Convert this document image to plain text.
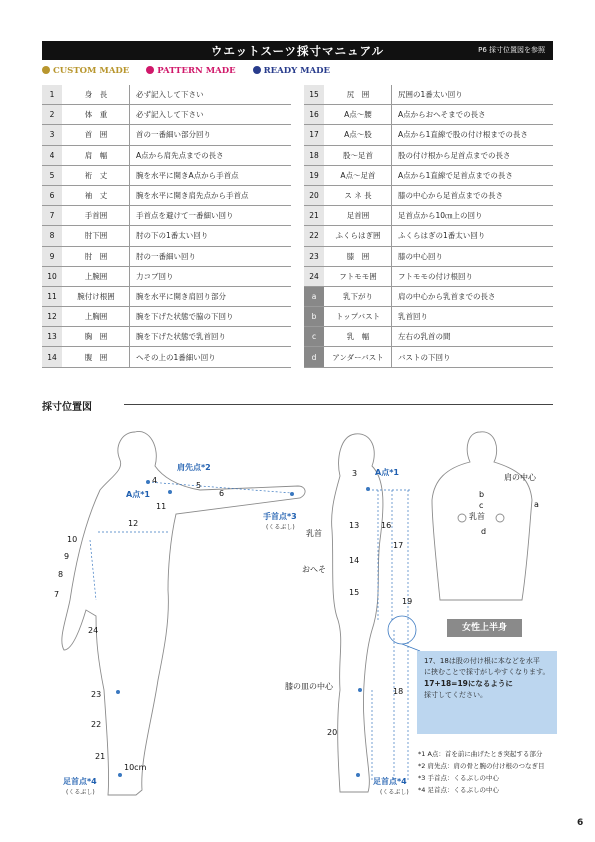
ウエットスーツ採寸マニュアル	P6 採寸位置図を参照
CUSTOM MADE	PATTERN MADE	READY MADE
1	身　長	必ず記入して下さい
2	体　重	必ず記入して下さい
3	首　囲	首の一番細い部分回り
4	肩　幅	A点から肩先点までの長さ
5	裄　丈	腕を水平に開きA点から手首点
6	袖　丈	腕を水平に開き肩先点から手首点
7	手首囲	手首点を避けて一番細い回り
8	肘下囲	肘の下の1番太い回り
9	肘　囲	肘の一番細い回り
10	上腕囲	力コブ回り
11	腕付け根囲	腕を水平に開き肩回り部分
12	上胸囲	腕を下げた状態で脇の下回り
13	胸　囲	腕を下げた状態で乳首回り
14	腹　囲	へその上の1番細い回り
15	尻　囲	尻囲の1番太い回り
16	A点～腰	A点からおへそまでの長さ
17	A点～股	A点から1直線で股の付け根までの長さ
18	股～足首	股の付け根から足首点までの長さ
19	A点～足首	A点から1直線で足首点までの長さ
20	ス ネ 長	膝の中心から足首点までの長さ
21	足首囲	足首点から10㎝上の回り
22	ふくらはぎ囲	ふくらはぎの1番太い回り
23	膝　囲	膝の中心回り
24	フトモモ囲	フトモモの付け根回り
a	乳下がり	肩の中心から乳首までの長さ
b	トップバスト	乳首回り
c	乳　幅	左右の乳首の間
d	アンダーバスト	バストの下回り
採寸位置図
肩先点*2
A点*1
手首点*3
(くるぶし)
足首点*4
(くるぶし)
10cm
A点*1
乳首
おへそ
膝の皿の中心
足首点*4
(くるぶし)
肩の中心
乳首
3
4
5
6
7
8
9
10
11
12	13
14
15
16
17
18
19
20
21
22
23
24
a
b
c
d
女性上半身
17、18は股の付け根に本などを水平
に挟むことで採寸がしやすくなります。
17+18=19になるように
採寸してください。
*1 A点：首を前に曲げたとき突起する部分
*2 肩先点：肩の骨と腕の付け根のつなぎ目
*3 手首点：くるぶしの中心
*4 足首点：くるぶしの中心
6
